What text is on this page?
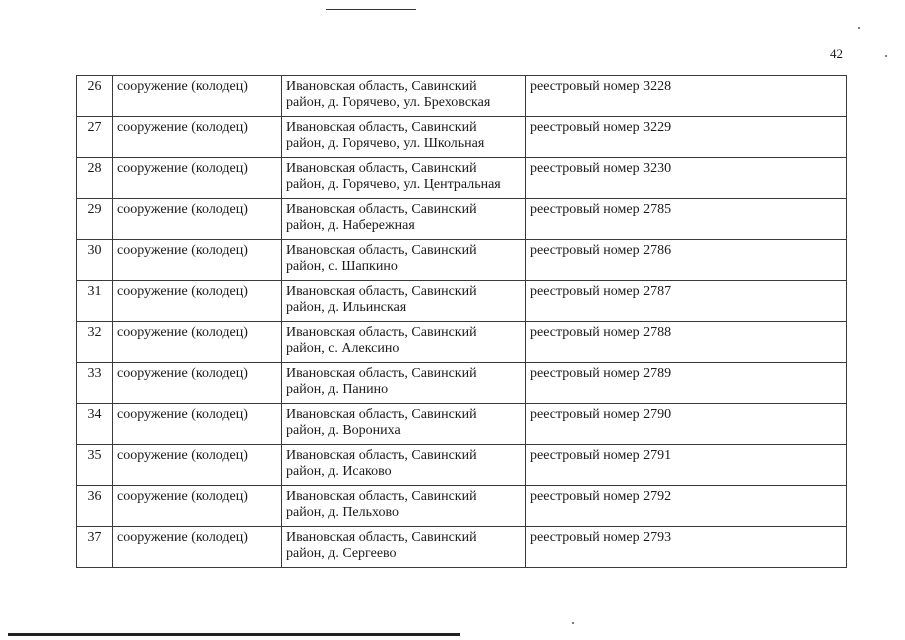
42
26	сооружение (колодец)	Ивановская область, Савинский
район, д. Горячево, ул. Бреховская	реестровый номер 3228
27	сооружение (колодец)	Ивановская область, Савинский
район, д. Горячево, ул. Школьная	реестровый номер 3229
28	сооружение (колодец)	Ивановская область, Савинский
район, д. Горячево, ул. Центральная	реестровый номер 3230
29	сооружение (колодец)	Ивановская область, Савинский
район, д. Набережная	реестровый номер 2785
30	сооружение (колодец)	Ивановская область, Савинский
район, с. Шапкино	реестровый номер 2786
31	сооружение (колодец)	Ивановская область, Савинский
район, д. Ильинская	реестровый номер 2787
32	сооружение (колодец)	Ивановская область, Савинский
район, с. Алексино	реестровый номер 2788
33	сооружение (колодец)	Ивановская область, Савинский
район, д. Панино	реестровый номер 2789
34	сооружение (колодец)	Ивановская область, Савинский
район, д. Ворониха	реестровый номер 2790
35	сооружение (колодец)	Ивановская область, Савинский
район, д. Исаково	реестровый номер 2791
36	сооружение (колодец)	Ивановская область, Савинский
район, д. Пельхово	реестровый номер 2792
37	сооружение (колодец)	Ивановская область, Савинский
район, д. Сергеево	реестровый номер 2793
